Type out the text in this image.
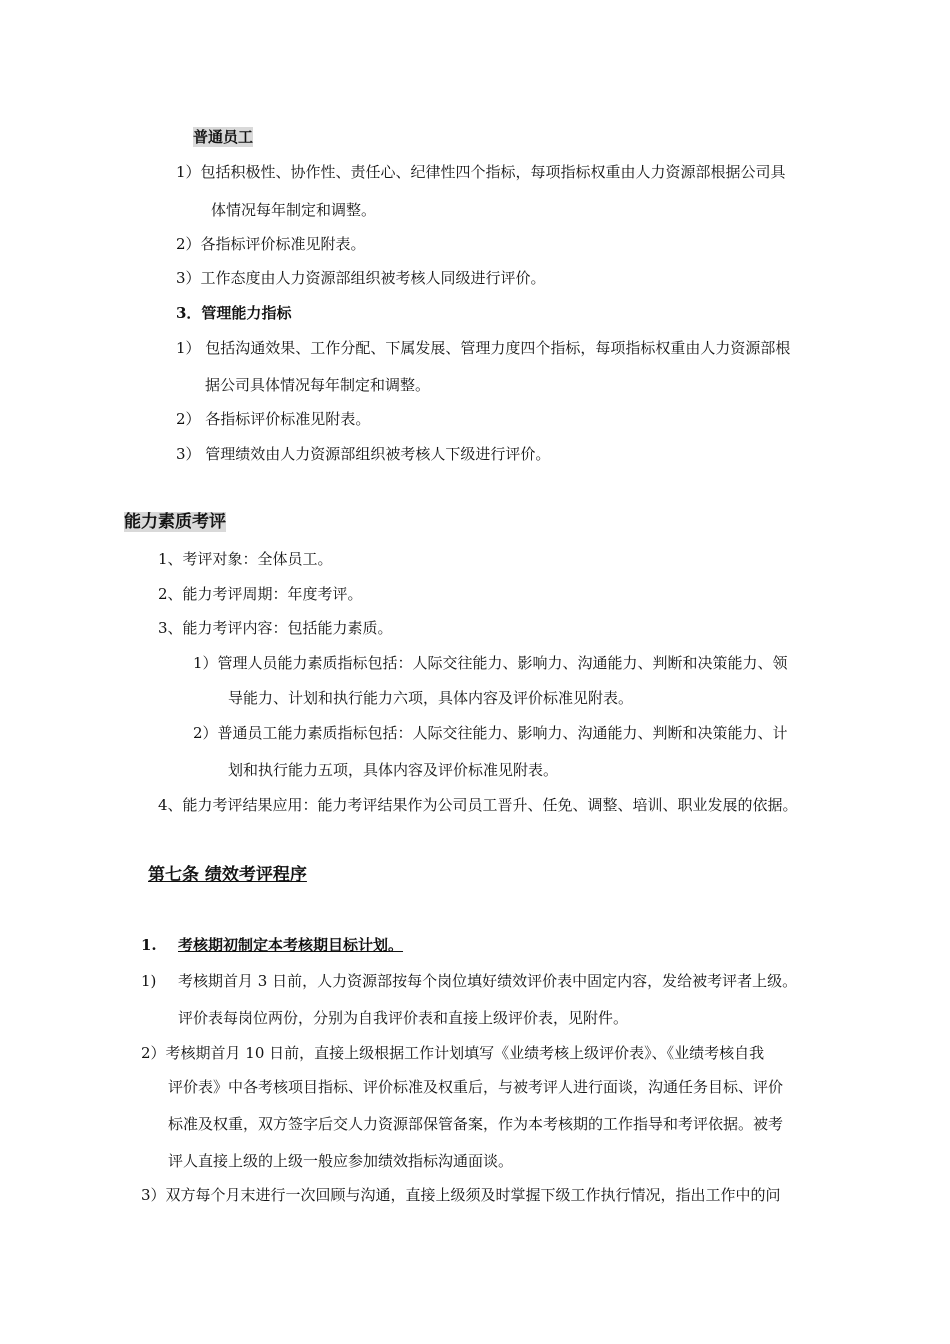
普通员工
1）包括积极性、协作性、责任心、纪律性四个指标，每项指标权重由人力资源部根据公司具
体情况每年制定和调整。
2）各指标评价标准见附表。
3）工作态度由人力资源部组织被考核人同级进行评价。
3．管理能力指标
1） 包括沟通效果、工作分配、下属发展、管理力度四个指标，每项指标权重由人力资源部根
据公司具体情况每年制定和调整。
2） 各指标评价标准见附表。
3） 管理绩效由人力资源部组织被考核人下级进行评价。
能力素质考评
1、考评对象：全体员工。
2、能力考评周期：年度考评。
3、能力考评内容：包括能力素质。
1）管理人员能力素质指标包括：人际交往能力、影响力、沟通能力、判断和决策能力、领
导能力、计划和执行能力六项，具体内容及评价标准见附表。
2）普通员工能力素质指标包括：人际交往能力、影响力、沟通能力、判断和决策能力、计
划和执行能力五项，具体内容及评价标准见附表。
4、能力考评结果应用：能力考评结果作为公司员工晋升、任免、调整、培训、职业发展的依据。
第七条 绩效考评程序
1. 考核期初制定本考核期目标计划。
1) 考核期首月 3 日前，人力资源部按每个岗位填好绩效评价表中固定内容，发给被考评者上级。
评价表每岗位两份，分别为自我评价表和直接上级评价表，见附件。
2）考核期首月 10 日前，直接上级根据工作计划填写《业绩考核上级评价表》、《业绩考核自我
评价表》中各考核项目指标、评价标准及权重后，与被考评人进行面谈，沟通任务目标、评价
标准及权重，双方签字后交人力资源部保管备案，作为本考核期的工作指导和考评依据。被考
评人直接上级的上级一般应参加绩效指标沟通面谈。
3）双方每个月末进行一次回顾与沟通，直接上级须及时掌握下级工作执行情况，指出工作中的问
